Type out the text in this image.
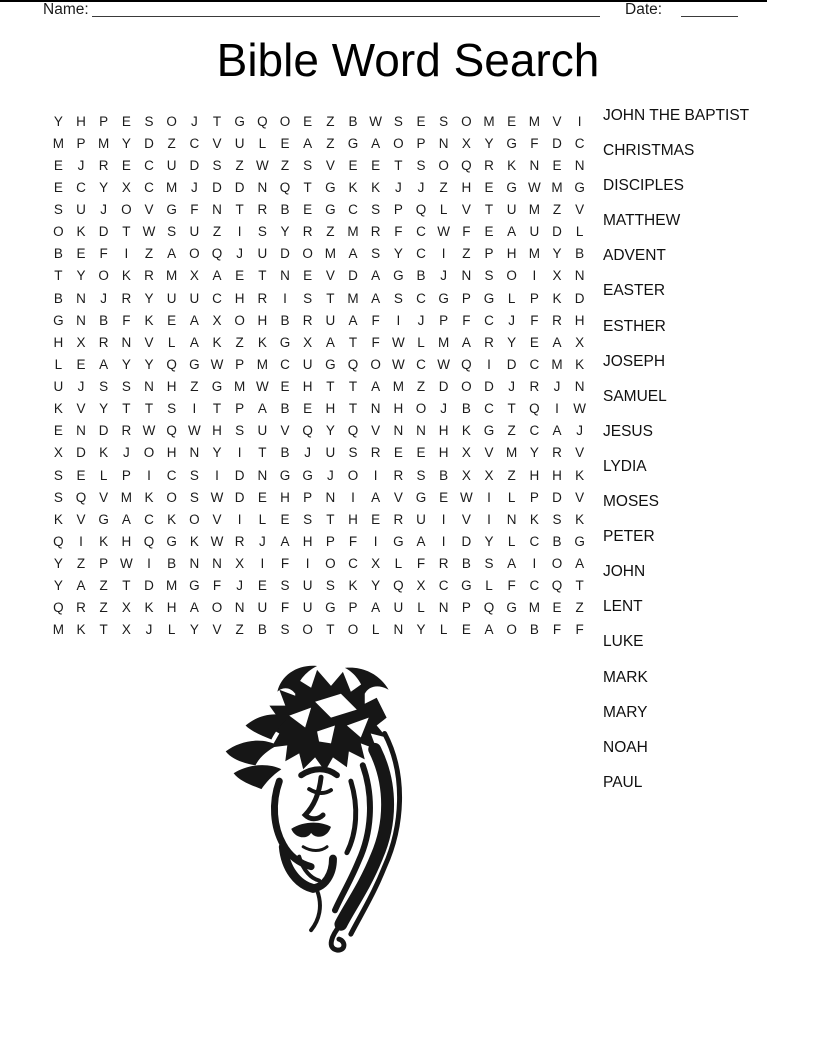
Name:	Date:
Bible Word Search
Y H P	E	S O	J	T G Q O E	Z	B W S	E	S O M E M V	I
M P M Y D	Z	C V U	L	E	A	Z G A O P N X	Y G F	D C
E	J	R E C U D S	Z W Z	S	V	E	E	T	S O Q R K N E N
E C Y	X C M	J	D D N Q T G K	K	J	J	Z	H E G W M G
S U	J	O V G F	N	T	R B	E G C S	P Q	L	V	T	U M Z	V
O K D	T W S U	Z	I	S	Y R	Z M R	F	C W F	E	A U D	L
B	E	F	I	Z	A O Q	J	U D O M A	S	Y C	I	Z	P H M Y	B
T	Y O K R M X	A	E	T	N E	V D A G B	J	N S O	I	X N
B N	J	R Y U U C H R	I	S	T M A	S C G P G	L	P	K D
G N B	F	K	E	A	X O H B R U A	F	I	J	P	F	C	J	F	R H
H X R N V	L	A	K	Z	K G X	A	T	F W L M A R Y	E	A	X
L	E	A	Y	Y Q G W P M C U G Q O W C W Q	I	D C M K
U	J	S	S N H	Z G M W E H	T	T	A M Z	D O D	J	R	J	N
K	V	Y	T	T	S	I	T	P	A	B	E H	T	N H O	J	B C	T Q	I	W
E N D R W Q W H S U V Q Y Q V N N H K G Z	C A	J
X D K	J	O H N Y	I	T	B	J	U S R E	E H X	V M Y R V
S	E	L	P	I	C S	I	D N G G	J	O	I	R S	B	X	X	Z	H H K
S Q V M K O S W D E H P N	I	A	V G E W	I	L	P D V
K	V G A C K O V	I	L	E	S	T	H E R U	I	V	I	N K	S	K
Q	I	K H Q G K W R	J	A H P	F	I	G A	I	D Y	L	C B G
Y	Z	P W	I	B N N X	I	F	I	O C X	L	F	R B	S	A	I	O A
Y	A	Z	T	D M G F	J	E	S U S	K	Y Q X C G	L	F	C Q T
Q R	Z	X	K H A O N U	F	U G P	A U	L	N P Q G M E	Z
M K	T	X	J	L	Y	V	Z	B	S O T O	L	N Y	L	E	A O B	F	F
JOHN THE BAPTIST
CHRISTMAS
DISCIPLES
MATTHEW
ADVENT
EASTER
ESTHER
JOSEPH
SAMUEL
JESUS
LYDIA
MOSES
PETER
JOHN
LENT
LUKE
MARK
MARY
NOAH
PAUL
